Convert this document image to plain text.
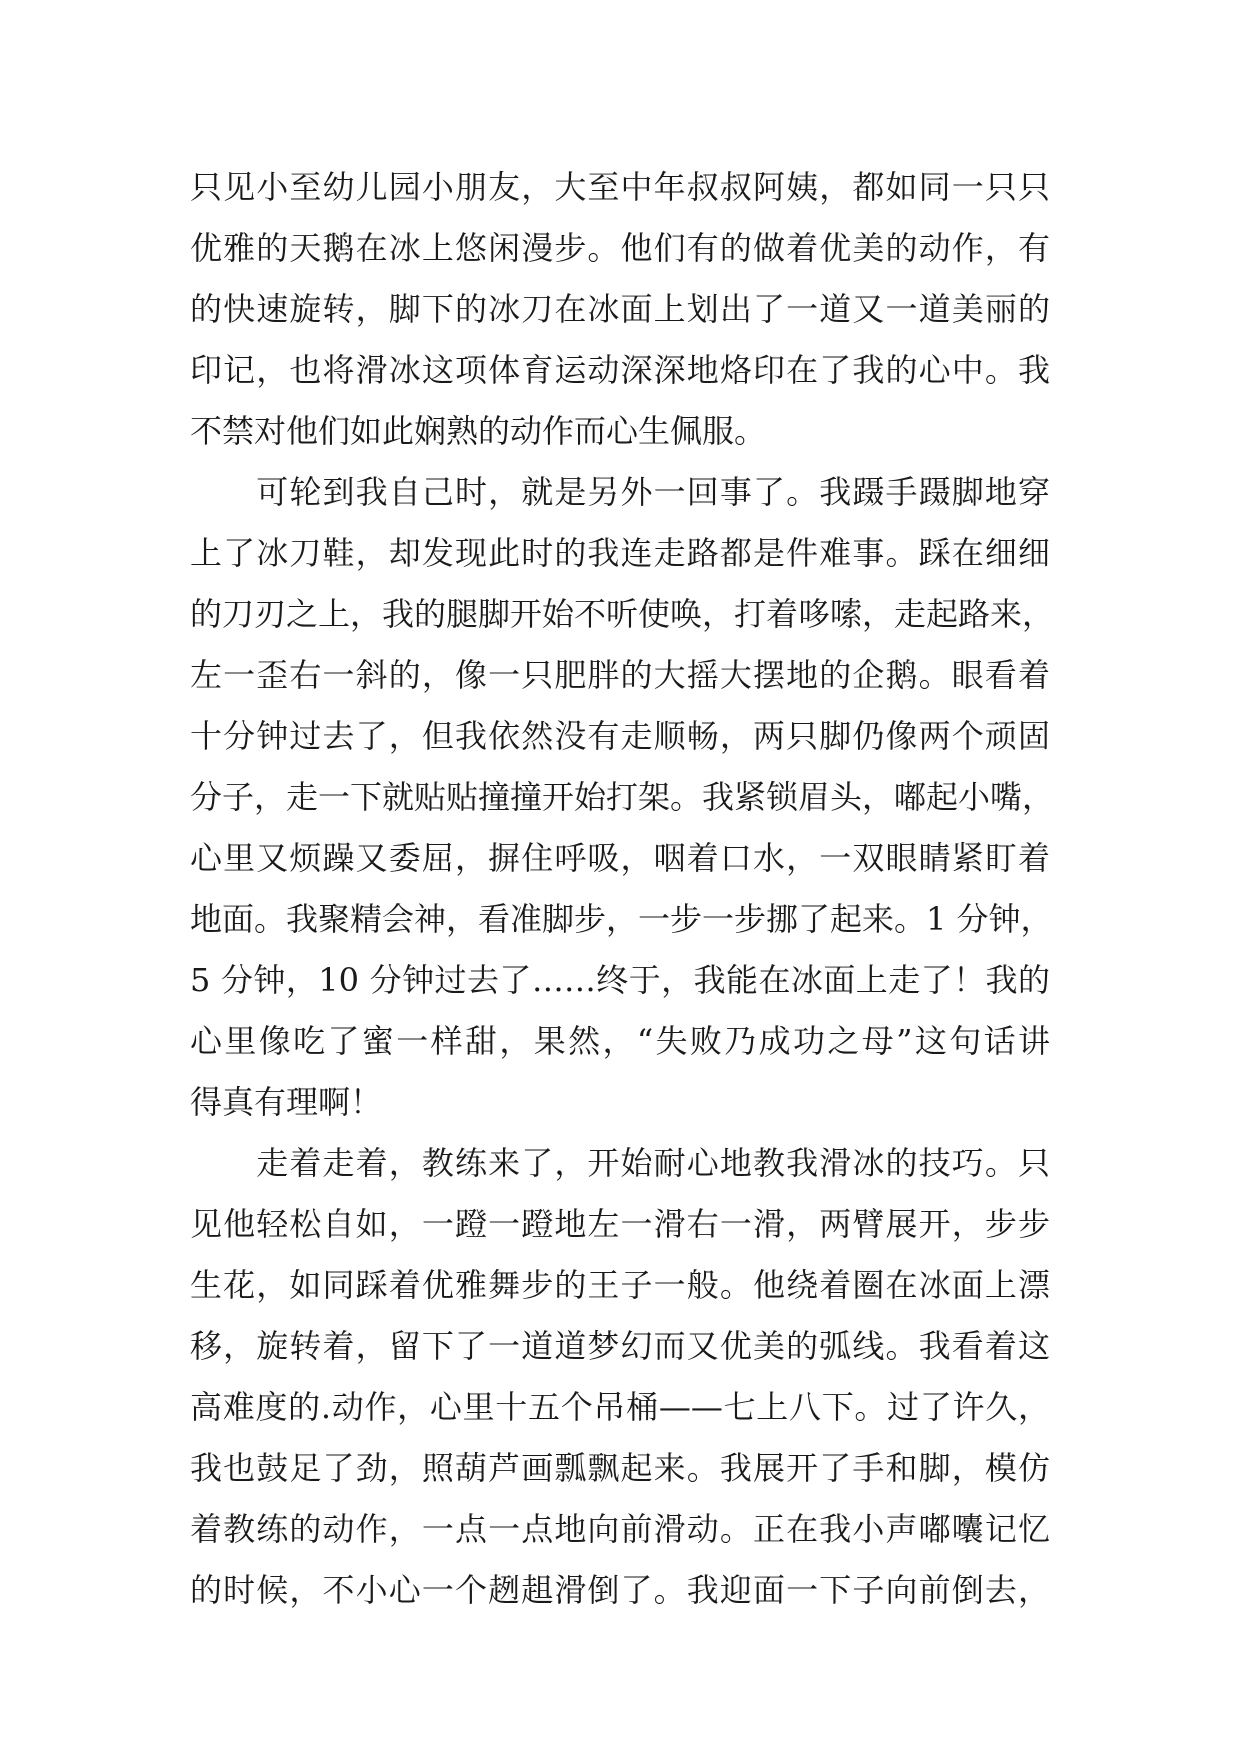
只见小至幼儿园小朋友，大至中年叔叔阿姨，都如同一只只
优雅的天鹅在冰上悠闲漫步。他们有的做着优美的动作，有
的快速旋转，脚下的冰刀在冰面上划出了一道又一道美丽的
印记，也将滑冰这项体育运动深深地烙印在了我的心中。我
不禁对他们如此娴熟的动作而心生佩服。

　　可轮到我自己时，就是另外一回事了。我蹑手蹑脚地穿
上了冰刀鞋，却发现此时的我连走路都是件难事。踩在细细
的刀刃之上，我的腿脚开始不听使唤，打着哆嗦，走起路来，
左一歪右一斜的，像一只肥胖的大摇大摆地的企鹅。眼看着
十分钟过去了，但我依然没有走顺畅，两只脚仍像两个顽固
分子，走一下就贴贴撞撞开始打架。我紧锁眉头，嘟起小嘴，
心里又烦躁又委屈，摒住呼吸，咽着口水，一双眼睛紧盯着
地面。我聚精会神，看准脚步，一步一步挪了起来。1 分钟，
5 分钟，10 分钟过去了……终于，我能在冰面上走了！我的
心里像吃了蜜一样甜，果然，“失败乃成功之母”这句话讲
得真有理啊！

　　走着走着，教练来了，开始耐心地教我滑冰的技巧。只
见他轻松自如，一蹬一蹬地左一滑右一滑，两臂展开，步步
生花，如同踩着优雅舞步的王子一般。他绕着圈在冰面上漂
移，旋转着，留下了一道道梦幻而又优美的弧线。我看着这
高难度的.动作，心里十五个吊桶——七上八下。过了许久，
我也鼓足了劲，照葫芦画瓢飘起来。我展开了手和脚，模仿
着教练的动作，一点一点地向前滑动。正在我小声嘟囔记忆
的时候，不小心一个趔趄滑倒了。我迎面一下子向前倒去，
